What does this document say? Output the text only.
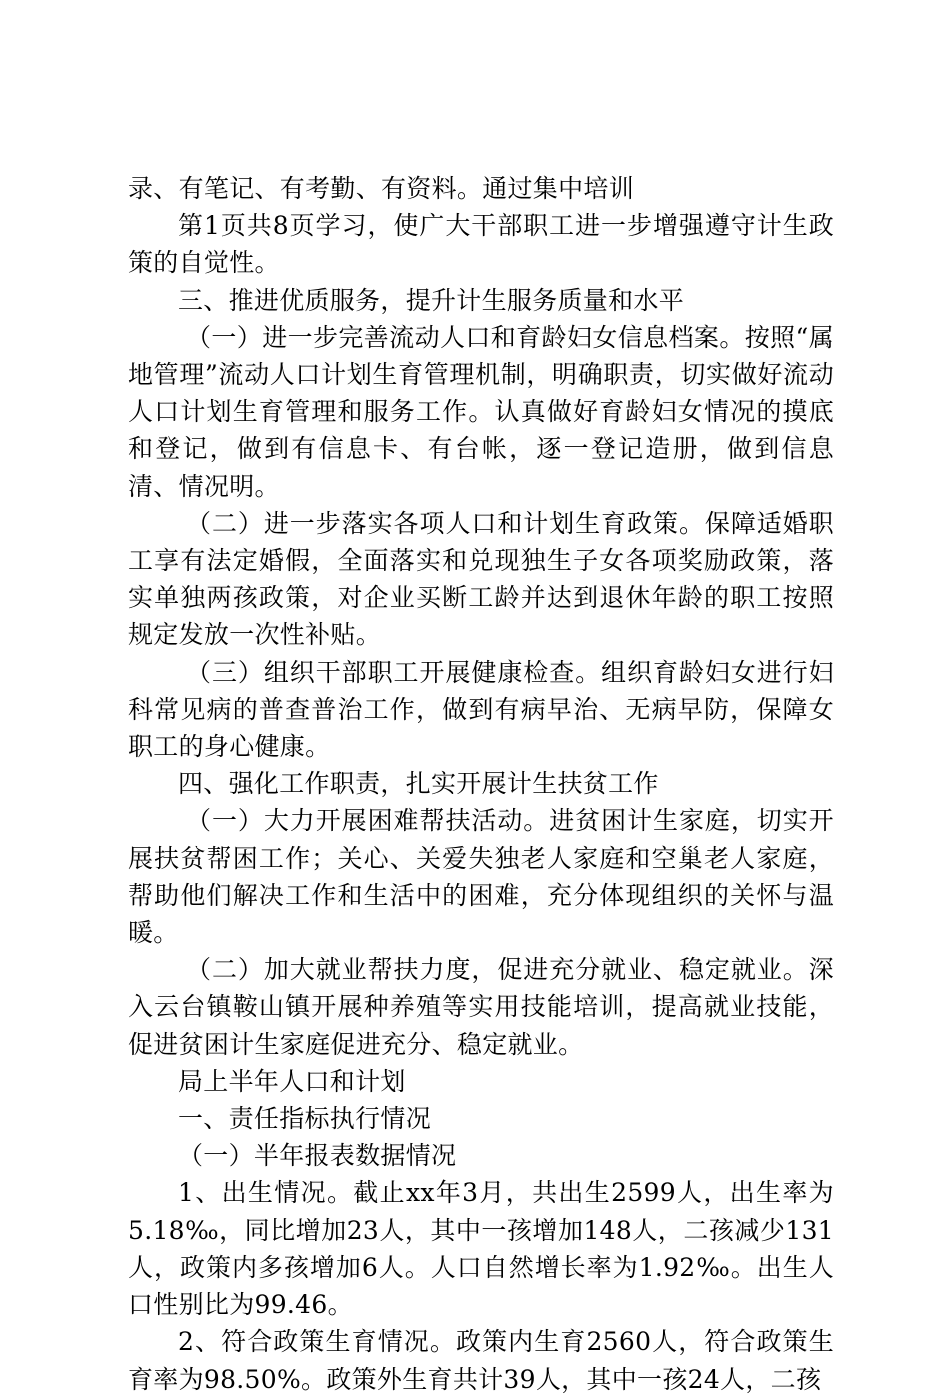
录、有笔记、有考勤、有资料。通过集中培训

第1页共8页学习，使广大干部职工进一步增强遵守计生政策的自觉性。

三、推进优质服务，提升计生服务质量和水平

（一）进一步完善流动人口和育龄妇女信息档案。按照“属地管理”流动人口计划生育管理机制，明确职责，切实做好流动人口计划生育管理和服务工作。认真做好育龄妇女情况的摸底和登记，做到有信息卡、有台帐，逐一登记造册，做到信息清、情况明。

（二）进一步落实各项人口和计划生育政策。保障适婚职工享有法定婚假，全面落实和兑现独生子女各项奖励政策，落实单独两孩政策，对企业买断工龄并达到退休年龄的职工按照规定发放一次性补贴。

（三）组织干部职工开展健康检查。组织育龄妇女进行妇科常见病的普查普治工作，做到有病早治、无病早防，保障女职工的身心健康。

四、强化工作职责，扎实开展计生扶贫工作

（一）大力开展困难帮扶活动。进贫困计生家庭，切实开展扶贫帮困工作；关心、关爱失独老人家庭和空巢老人家庭，帮助他们解决工作和生活中的困难，充分体现组织的关怀与温暖。

（二）加大就业帮扶力度，促进充分就业、稳定就业。深入云台镇鞍山镇开展种养殖等实用技能培训，提高就业技能，促进贫困计生家庭促进充分、稳定就业。

局上半年人口和计划

一、责任指标执行情况

（一）半年报表数据情况

1、出生情况。截止xx年3月，共出生2599人，出生率为5.18‰，同比增加23人，其中一孩增加148人，二孩减少131人，政策内多孩增加6人。人口自然增长率为1.92‰。出生人口性别比为99.46。

2、符合政策生育情况。政策内生育2560人，符合政策生育率为98.50%。政策外生育共计39人，其中一孩24人，二孩
